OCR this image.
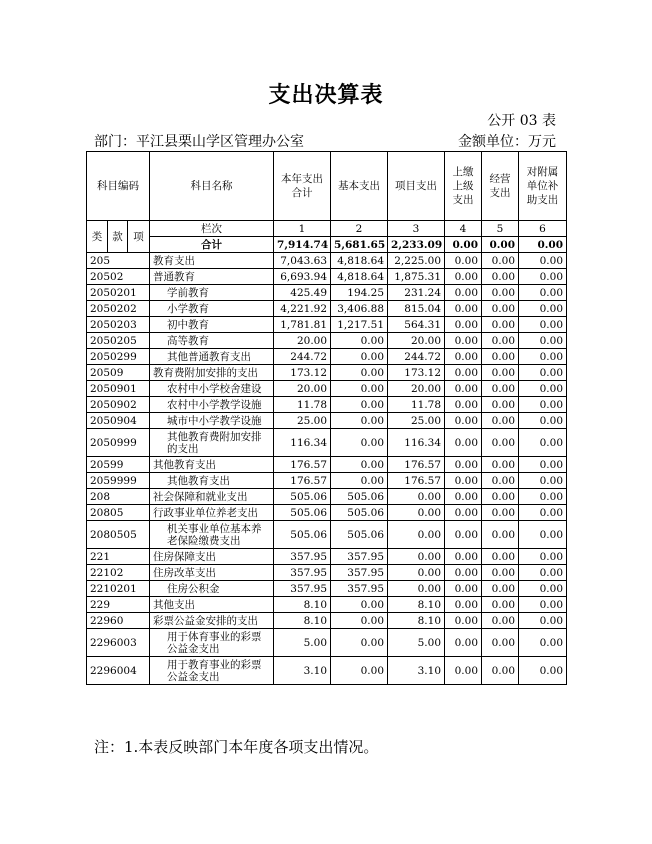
支出决算表
公开 03 表
部门：平江县栗山学区管理办公室	金额单位：万元
科目编码			科目名称	本年支出合计	基本支出	项目支出	上缴上级支出	经营支出	对附属单位补助支出
类	款	项	栏次	1	2	3	4	5	6
			合计	7,914.74	5,681.65	2,233.09	0.00	0.00	0.00
205			教育支出	7,043.63	4,818.64	2,225.00	0.00	0.00	0.00
20502			普通教育	6,693.94	4,818.64	1,875.31	0.00	0.00	0.00
2050201			学前教育	425.49	194.25	231.24	0.00	0.00	0.00
2050202			小学教育	4,221.92	3,406.88	815.04	0.00	0.00	0.00
2050203			初中教育	1,781.81	1,217.51	564.31	0.00	0.00	0.00
2050205			高等教育	20.00	0.00	20.00	0.00	0.00	0.00
2050299			其他普通教育支出	244.72	0.00	244.72	0.00	0.00	0.00
20509			教育费附加安排的支出	173.12	0.00	173.12	0.00	0.00	0.00
2050901			农村中小学校舍建设	20.00	0.00	20.00	0.00	0.00	0.00
2050902			农村中小学教学设施	11.78	0.00	11.78	0.00	0.00	0.00
2050904			城市中小学教学设施	25.00	0.00	25.00	0.00	0.00	0.00
2050999			其他教育费附加安排的支出	116.34	0.00	116.34	0.00	0.00	0.00
20599			其他教育支出	176.57	0.00	176.57	0.00	0.00	0.00
2059999			其他教育支出	176.57	0.00	176.57	0.00	0.00	0.00
208			社会保障和就业支出	505.06	505.06	0.00	0.00	0.00	0.00
20805			行政事业单位养老支出	505.06	505.06	0.00	0.00	0.00	0.00
2080505			机关事业单位基本养老保险缴费支出	505.06	505.06	0.00	0.00	0.00	0.00
221			住房保障支出	357.95	357.95	0.00	0.00	0.00	0.00
22102			住房改革支出	357.95	357.95	0.00	0.00	0.00	0.00
2210201			住房公积金	357.95	357.95	0.00	0.00	0.00	0.00
229			其他支出	8.10	0.00	8.10	0.00	0.00	0.00
22960			彩票公益金安排的支出	8.10	0.00	8.10	0.00	0.00	0.00
2296003			用于体育事业的彩票公益金支出	5.00	0.00	5.00	0.00	0.00	0.00
2296004			用于教育事业的彩票公益金支出	3.10	0.00	3.10	0.00	0.00	0.00
注：1.本表反映部门本年度各项支出情况。
